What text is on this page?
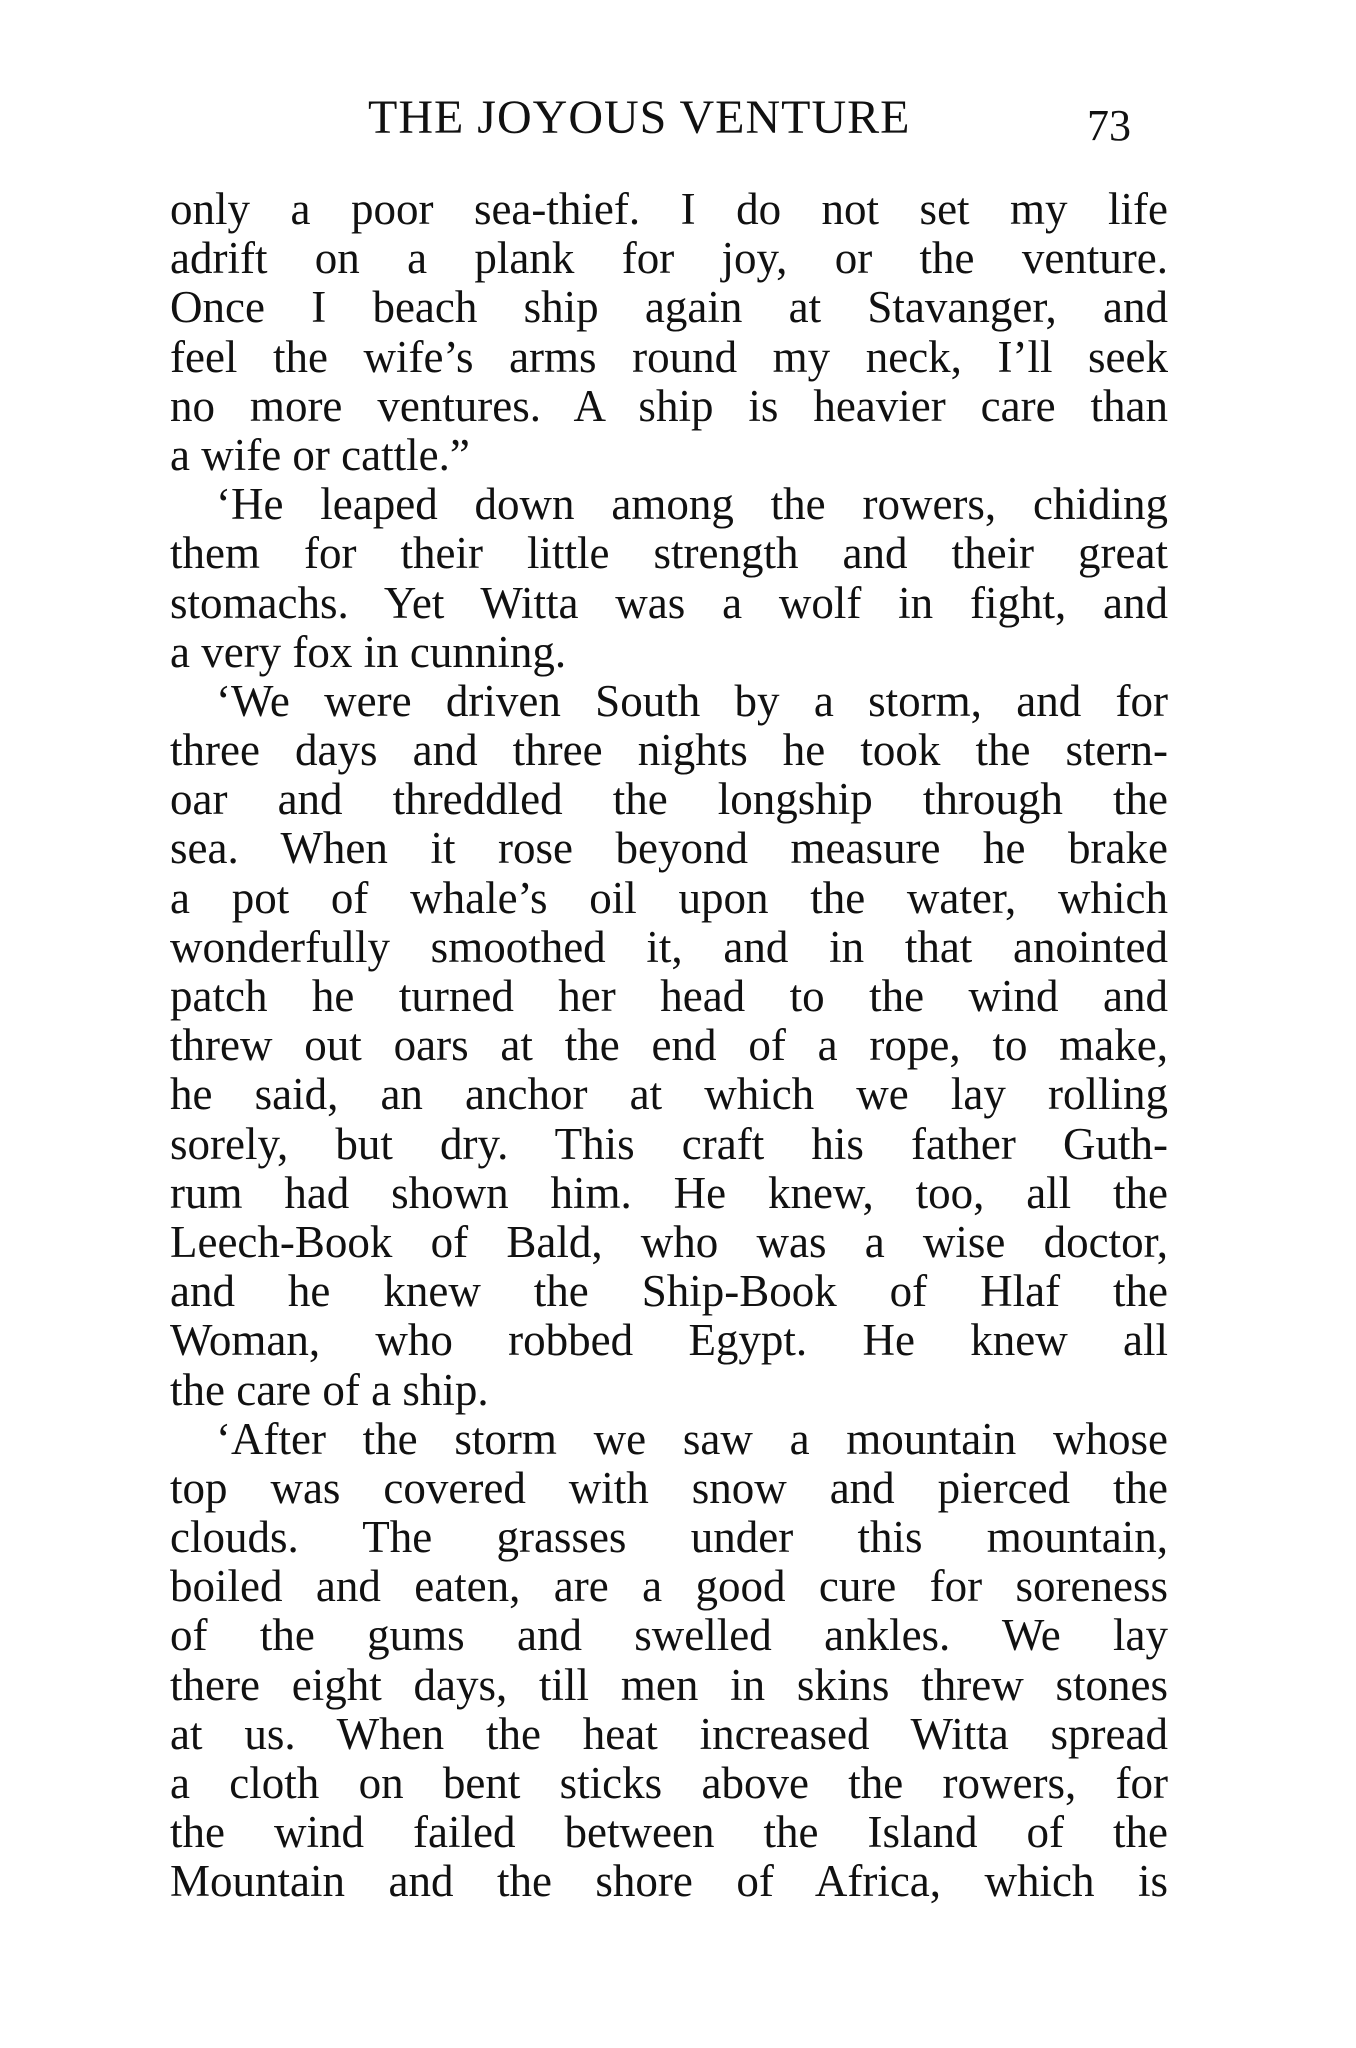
THE JOYOUS VENTURE	73
only a poor sea-thief. I do not set my life
adrift on a plank for joy, or the venture.
Once I beach ship again at Stavanger, and
feel the wife’s arms round my neck, I’ll seek
no more ventures. A ship is heavier care than
a wife or cattle.”
‘He leaped down among the rowers, chiding
them for their little strength and their great
stomachs. Yet Witta was a wolf in fight, and
a very fox in cunning.
‘We were driven South by a storm, and for
three days and three nights he took the stern-
oar and threddled the longship through the
sea. When it rose beyond measure he brake
a pot of whale’s oil upon the water, which
wonderfully smoothed it, and in that anointed
patch he turned her head to the wind and
threw out oars at the end of a rope, to make,
he said, an anchor at which we lay rolling
sorely, but dry. This craft his father Guth-
rum had shown him. He knew, too, all the
Leech-Book of Bald, who was a wise doctor,
and he knew the Ship-Book of Hlaf the
Woman, who robbed Egypt. He knew all
the care of a ship.
‘After the storm we saw a mountain whose
top was covered with snow and pierced the
clouds. The grasses under this mountain,
boiled and eaten, are a good cure for soreness
of the gums and swelled ankles. We lay
there eight days, till men in skins threw stones
at us. When the heat increased Witta spread
a cloth on bent sticks above the rowers, for
the wind failed between the Island of the
Mountain and the shore of Africa, which is
